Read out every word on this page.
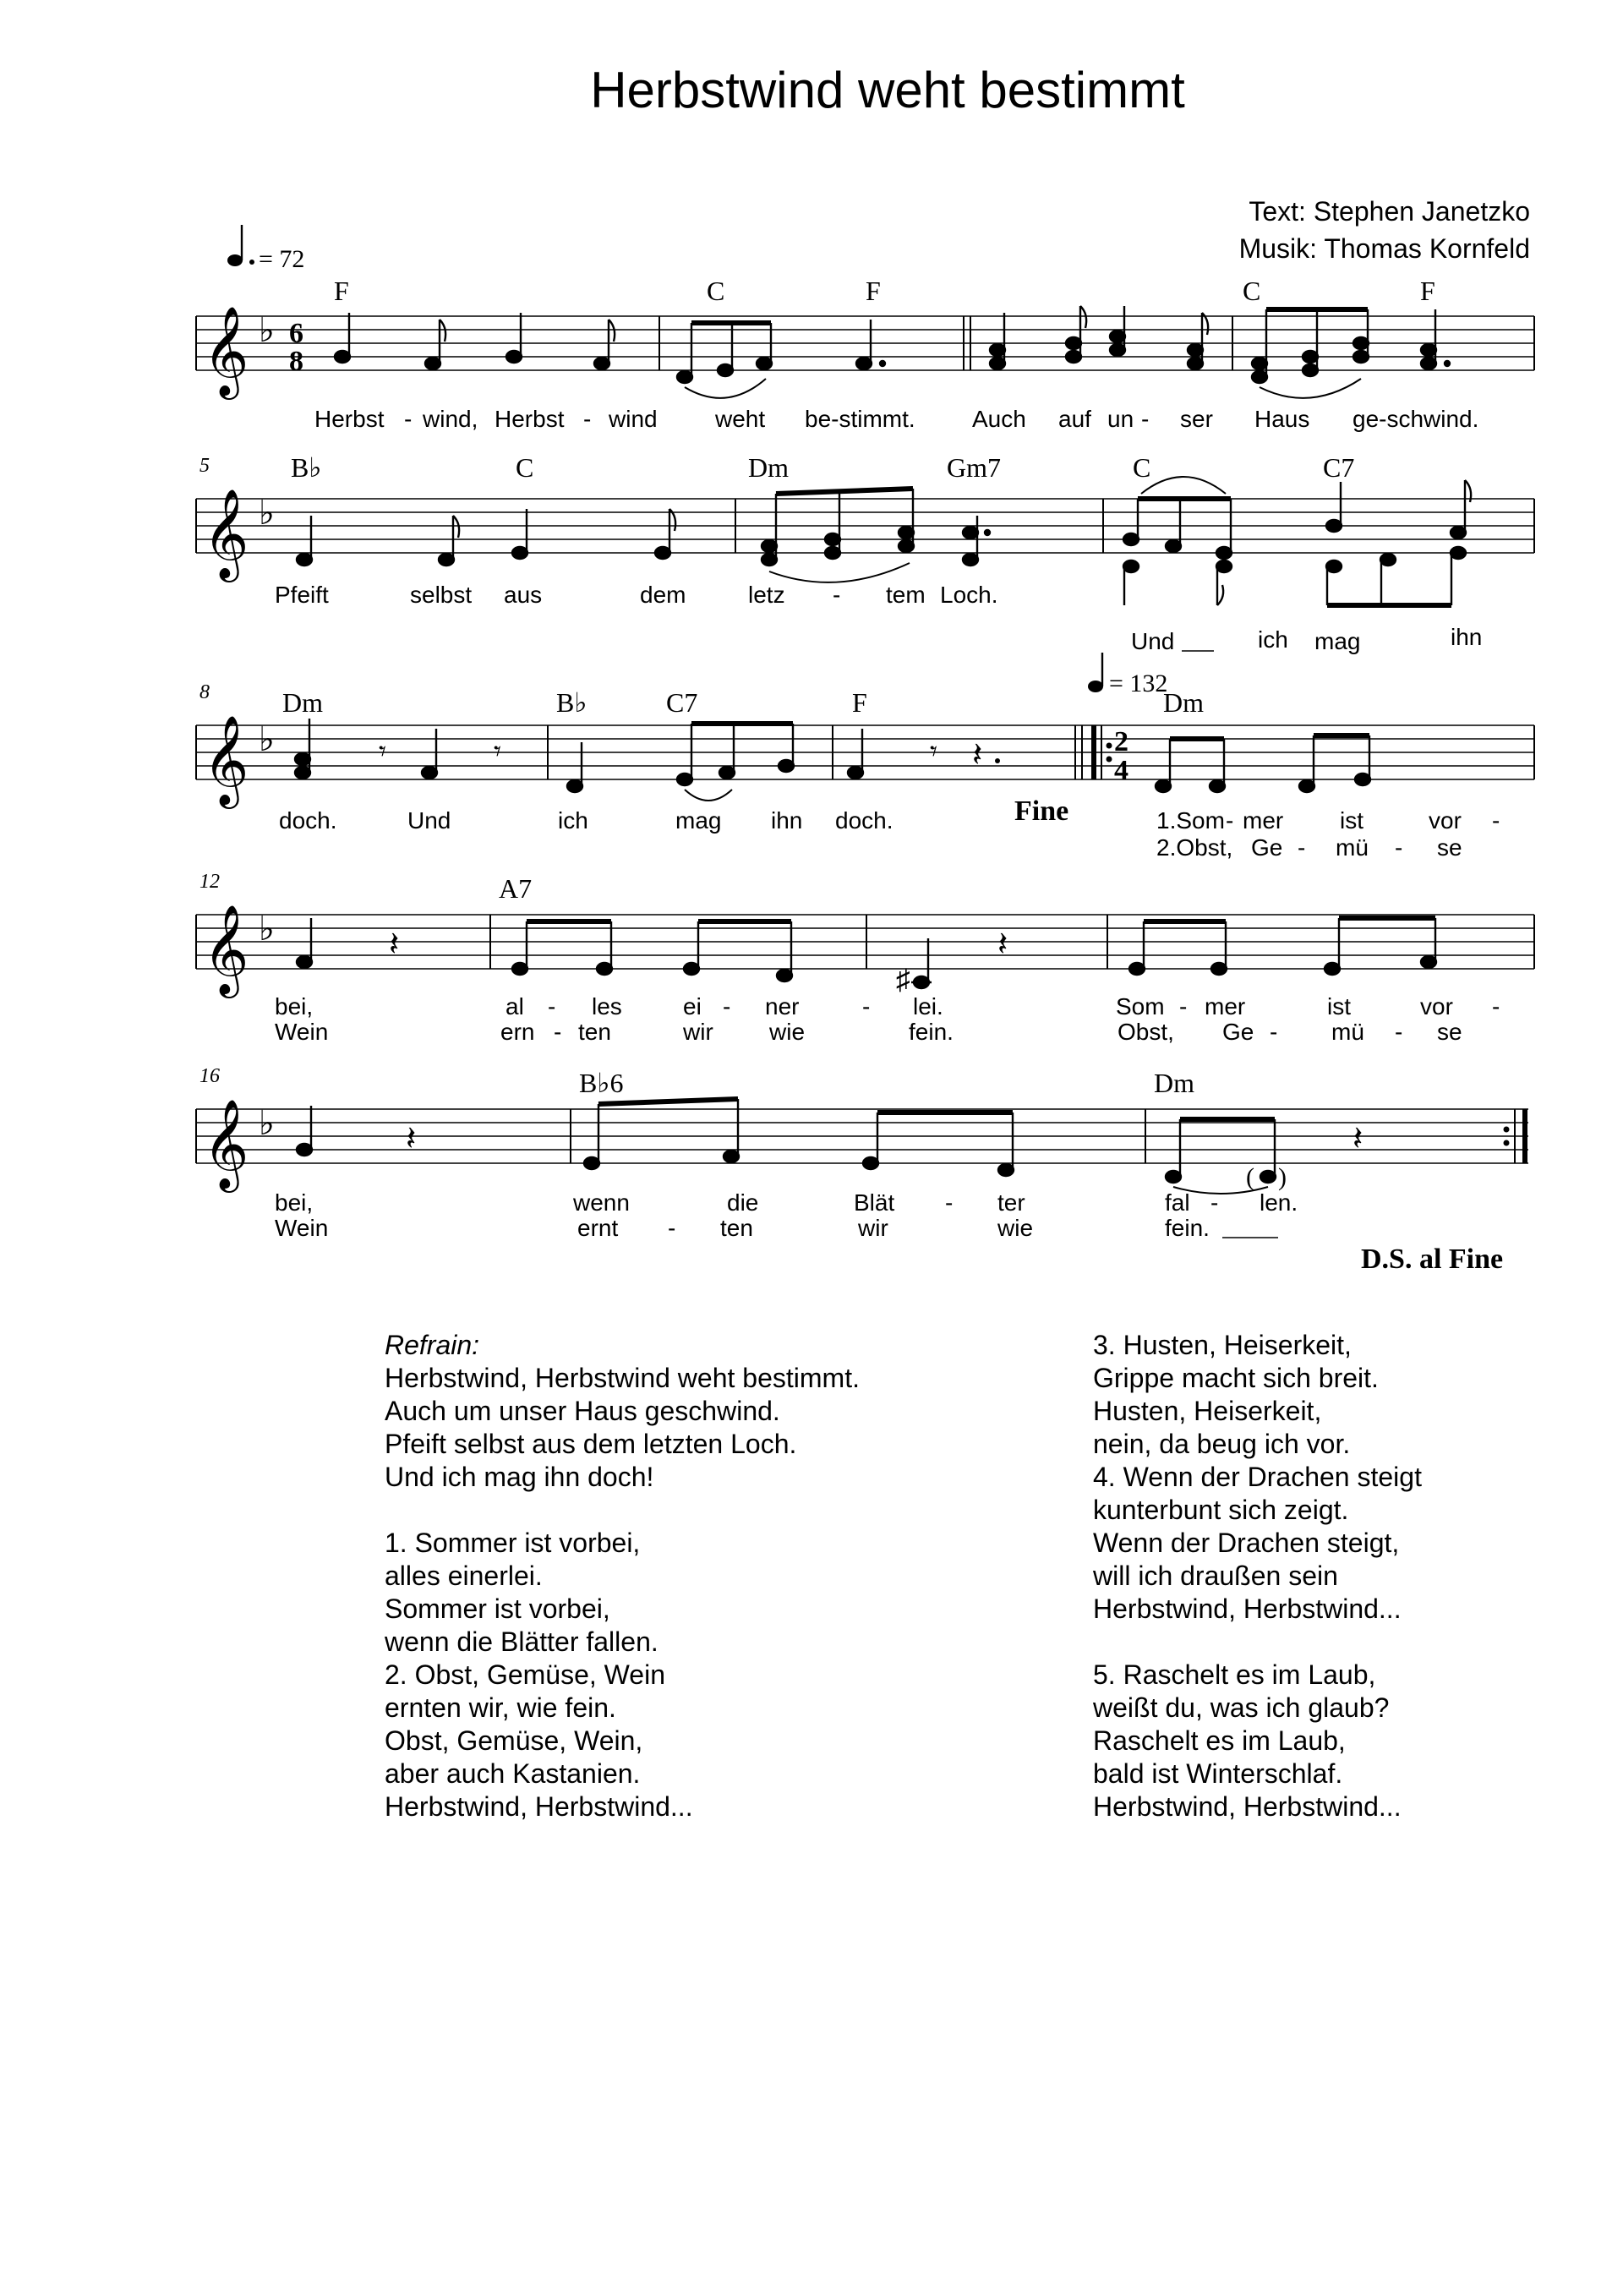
Herbstwind weht bestimmt
Text: Stephen Janetzko
Musik: Thomas Kornfeld
𝄞 ♭ 6
8
= 72
F	C	F	C	F
Herbst - wind, Herbst - wind weht be-stimmt. Auch auf un - ser Haus ge-schwind.
5
𝄞 ♭
B♭	C	Dm	Gm7	C	C7
Pfeift	selbst aus	dem	letz - tem Loch.
Und	ich mag	ihn
8
𝄞 ♭	2
4
𝄾	𝄾	𝄾 𝄽
Fine
= 132
Dm	B♭	C7	F	Dm
doch.	Und	ich	mag ihn doch.	1.Som - mer ist	vor -
2.Obst, Ge - mü - se
12
𝄞 ♭
♯
𝄽	𝄽
A7
bei,	al - les	ei - ner	- lei.	Som - mer	ist	vor -
Wein	ern - ten	wir wie	fein.	Obst, Ge - mü - se
16
𝄞 ♭
( )
𝄽	𝄽
B♭6	Dm
bei,	wenn	die	Blät - ter	fal - len.
Wein	ernt - ten	wir	wie	fein.
D.S. al Fine
Refrain:
Herbstwind, Herbstwind weht bestimmt.
Auch um unser Haus geschwind.
Pfeift selbst aus dem letzten Loch.
Und ich mag ihn doch!
1. Sommer ist vorbei,
alles einerlei.
Sommer ist vorbei,
wenn die Blätter fallen.
2. Obst, Gemüse, Wein
ernten wir, wie fein.
Obst, Gemüse, Wein,
aber auch Kastanien.
Herbstwind, Herbstwind...
3. Husten, Heiserkeit,
Grippe macht sich breit.
Husten, Heiserkeit,
nein, da beug ich vor.
4. Wenn der Drachen steigt
kunterbunt sich zeigt.
Wenn der Drachen steigt,
will ich draußen sein
Herbstwind, Herbstwind...
5. Raschelt es im Laub,
weißt du, was ich glaub?
Raschelt es im Laub,
bald ist Winterschlaf.
Herbstwind, Herbstwind...
